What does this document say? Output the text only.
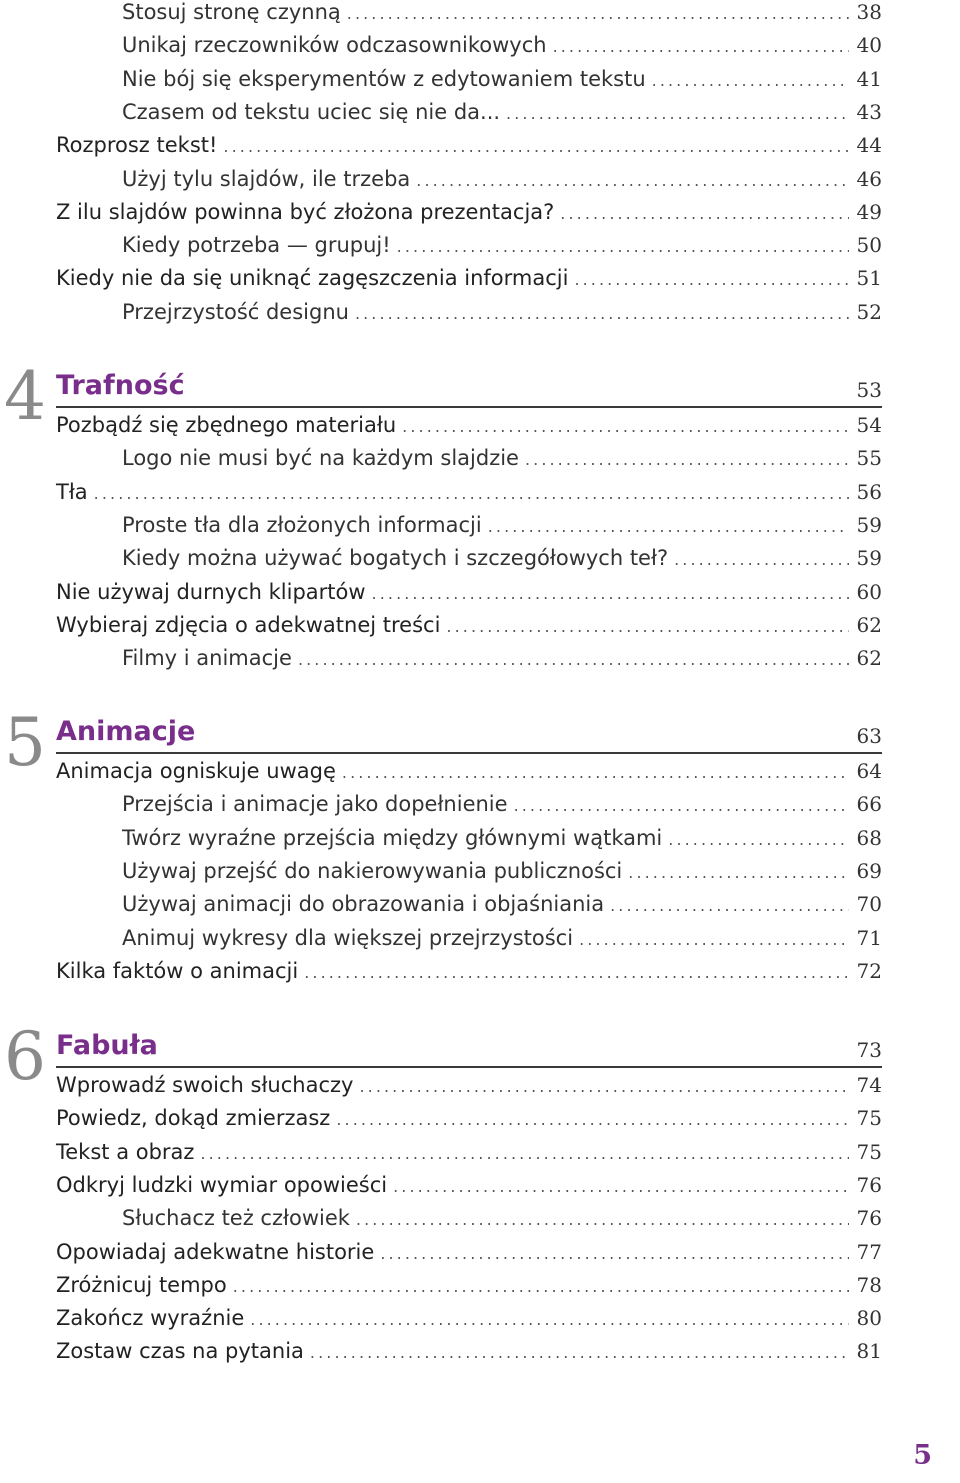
Stosuj stronę czynną . . .	38
Unikaj rzeczowników odczasownikowych . . .	40
Nie bój się eksperymentów z edytowaniem tekstu . . .	41
Czasem od tekstu uciec się nie da... . . .	43
Rozprosz tekst! . . .	44
Użyj tylu slajdów, ile trzeba . . .	46
Z ilu slajdów powinna być złożona prezentacja? . . .	49
Kiedy potrzeba — grupuj! . . .	50
Kiedy nie da się uniknąć zagęszczenia informacji . . .	51
Przejrzystość designu . . .	52
4 Trafność	53
Pozbądź się zbędnego materiału . . .	54
Logo nie musi być na każdym slajdzie . . .	55
Tła . . .	56
Proste tła dla złożonych informacji . . .	59
Kiedy można używać bogatych i szczegółowych teł? . . .	59
Nie używaj durnych klipartów . . .	60
Wybieraj zdjęcia o adekwatnej treści . . .	62
Filmy i animacje . . .	62
5 Animacje	63
Animacja ogniskuje uwagę . . .	64
Przejścia i animacje jako dopełnienie . . .	66
Twórz wyraźne przejścia między głównymi wątkami . . .	68
Używaj przejść do nakierowywania publiczności . . .	69
Używaj animacji do obrazowania i objaśniania . . .	70
Animuj wykresy dla większej przejrzystości . . .	71
Kilka faktów o animacji . . .	72
6 Fabuła	73
Wprowadź swoich słuchaczy . . .	74
Powiedz, dokąd zmierzasz . . .	75
Tekst a obraz . . .	75
Odkryj ludzki wymiar opowieści . . .	76
Słuchacz też człowiek . . .	76
Opowiadaj adekwatne historie . . .	77
Zróżnicuj tempo . . .	78
Zakończ wyraźnie . . .	80
Zostaw czas na pytania . . .	81
5
